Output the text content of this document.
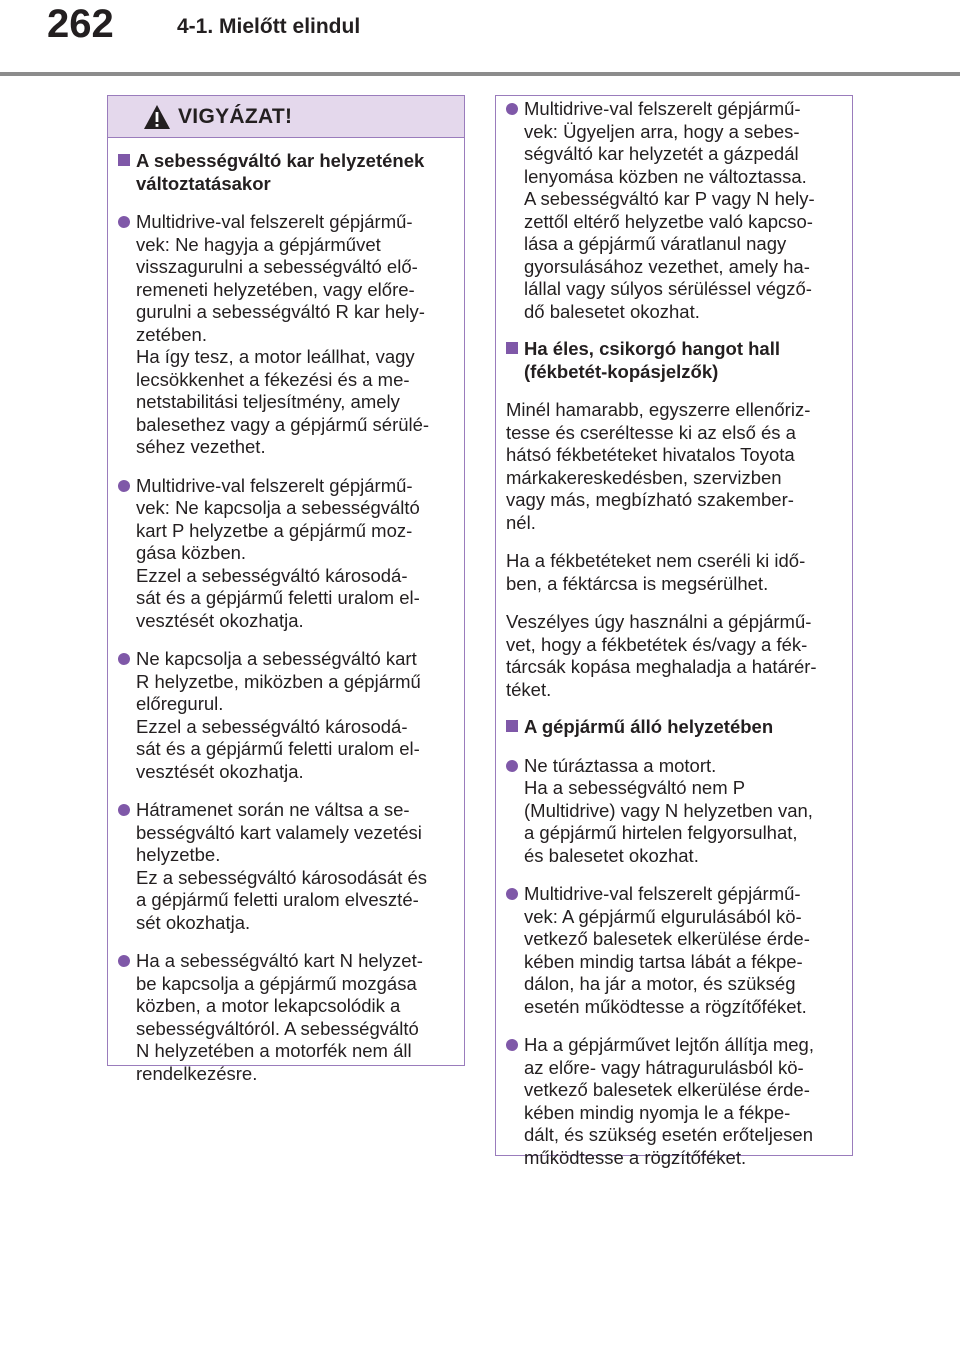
262	4-1. Mielőtt elindul
VIGYÁZAT!
A sebességváltó kar helyzetének
változtatásakor
Multidrive-val felszerelt gépjármű-
vek: Ne hagyja a gépjárművet
visszagurulni a sebességváltó elő-
remeneti helyzetében, vagy előre-
gurulni a sebességváltó R kar hely-
zetében.
Ha így tesz, a motor leállhat, vagy
lecsökkenhet a fékezési és a me-
netstabilitási teljesítmény, amely
balesethez vagy a gépjármű sérülé-
séhez vezethet.
Multidrive-val felszerelt gépjármű-
vek: Ne kapcsolja a sebességváltó
kart P helyzetbe a gépjármű moz-
gása közben.
Ezzel a sebességváltó károsodá-
sát és a gépjármű feletti uralom el-
vesztését okozhatja.
Ne kapcsolja a sebességváltó kart
R helyzetbe, miközben a gépjármű
előregurul.
Ezzel a sebességváltó károsodá-
sát és a gépjármű feletti uralom el-
vesztését okozhatja.
Hátramenet során ne váltsa a se-
bességváltó kart valamely vezetési
helyzetbe.
Ez a sebességváltó károsodását és
a gépjármű feletti uralom elveszté-
sét okozhatja.
Ha a sebességváltó kart N helyzet-
be kapcsolja a gépjármű mozgása
közben, a motor lekapcsolódik a
sebességváltóról. A sebességváltó
N helyzetében a motorfék nem áll
rendelkezésre.
Multidrive-val felszerelt gépjármű-
vek: Ügyeljen arra, hogy a sebes-
ségváltó kar helyzetét a gázpedál
lenyomása közben ne változtassa.
A sebességváltó kar P vagy N hely-
zettől eltérő helyzetbe való kapcso-
lása a gépjármű váratlanul nagy
gyorsulásához vezethet, amely ha-
lállal vagy súlyos sérüléssel végző-
dő balesetet okozhat.
Ha éles, csikorgó hangot hall
(fékbetét-kopásjelzők)
Minél hamarabb, egyszerre ellenőriz-
tesse és cseréltesse ki az első és a
hátsó fékbetéteket hivatalos Toyota
márkakereskedésben, szervizben
vagy más, megbízható szakember-
nél.
Ha a fékbetéteket nem cseréli ki idő-
ben, a féktárcsa is megsérülhet.
Veszélyes úgy használni a gépjármű-
vet, hogy a fékbetétek és/vagy a fék-
tárcsák kopása meghaladja a határér-
téket.
A gépjármű álló helyzetében
Ne túráztassa a motort.
Ha a sebességváltó nem P
(Multidrive) vagy N helyzetben van,
a gépjármű hirtelen felgyorsulhat,
és balesetet okozhat.
Multidrive-val felszerelt gépjármű-
vek: A gépjármű elgurulásából kö-
vetkező balesetek elkerülése érde-
kében mindig tartsa lábát a fékpe-
dálon, ha jár a motor, és szükség
esetén működtesse a rögzítőféket.
Ha a gépjárművet lejtőn állítja meg,
az előre- vagy hátragurulásból kö-
vetkező balesetek elkerülése érde-
kében mindig nyomja le a fékpe-
dált, és szükség esetén erőteljesen
működtesse a rögzítőféket.
